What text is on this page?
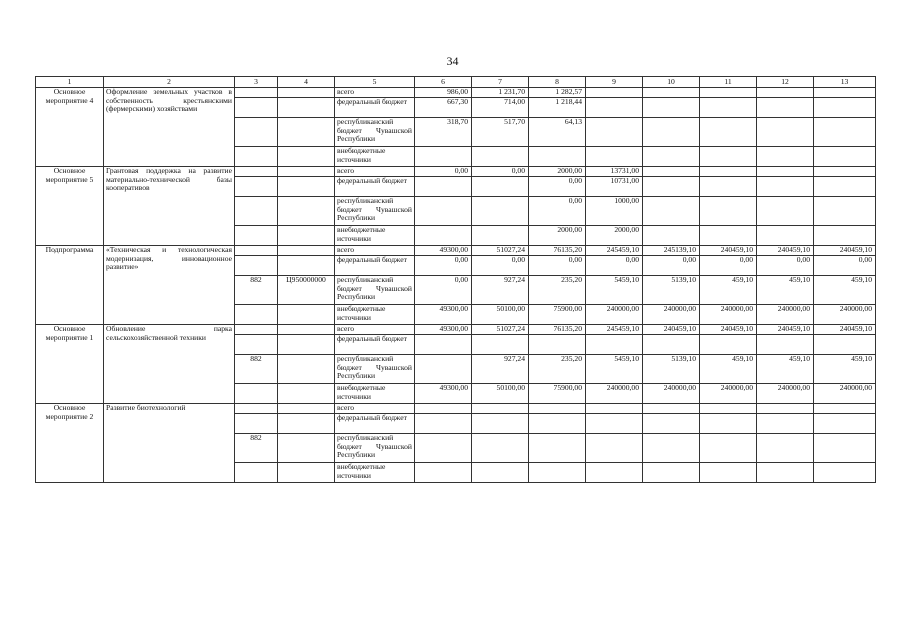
34
1	2	3	4	5	6	7	8	9	10	11	12	13
Основное мероприятие 4	Оформление земельных участков в собственность крестьянскими (фермерскими) хозяйствами			всего	986,00	1 231,70	1 282,57					
				федеральный бюджет	667,30	714,00	1 218,44					
				республиканский бюджет Чувашской Республики	318,70	517,70	64,13					
				внебюджетные источники								
Основное мероприятие 5	Грантовая поддержка на развитие материально-технической базы кооперативов			всего	0,00	0,00	2000,00	13731,00				
				федеральный бюджет			0,00	10731,00				
				республиканский бюджет Чувашской Республики			0,00	1000,00				
				внебюджетные источники			2000,00	2000,00				
Подпрограмма	«Техническая и технологическая модернизация, инновационное развитие»			всего	49300,00	51027,24	76135,20	245459,10	245139,10	240459,10	240459,10	240459,10
				федеральный бюджет	0,00	0,00	0,00	0,00	0,00	0,00	0,00	0,00
		882	Ц950000000	республиканский бюджет Чувашской Республики	0,00	927,24	235,20	5459,10	5139,10	459,10	459,10	459,10
				внебюджетные источники	49300,00	50100,00	75900,00	240000,00	240000,00	240000,00	240000,00	240000,00
Основное мероприятие 1	Обновление парка сельскохозяйственной техники			всего	49300,00	51027,24	76135,20	245459,10	240459,10	240459,10	240459,10	240459,10
				федеральный бюджет								
		882		республиканский бюджет Чувашской Республики		927,24	235,20	5459,10	5139,10	459,10	459,10	459,10
				внебюджетные источники	49300,00	50100,00	75900,00	240000,00	240000,00	240000,00	240000,00	240000,00
Основное мероприятие 2	Развитие биотехнологий			всего								
				федеральный бюджет								
		882		республиканский бюджет Чувашской Республики								
				внебюджетные источники								
